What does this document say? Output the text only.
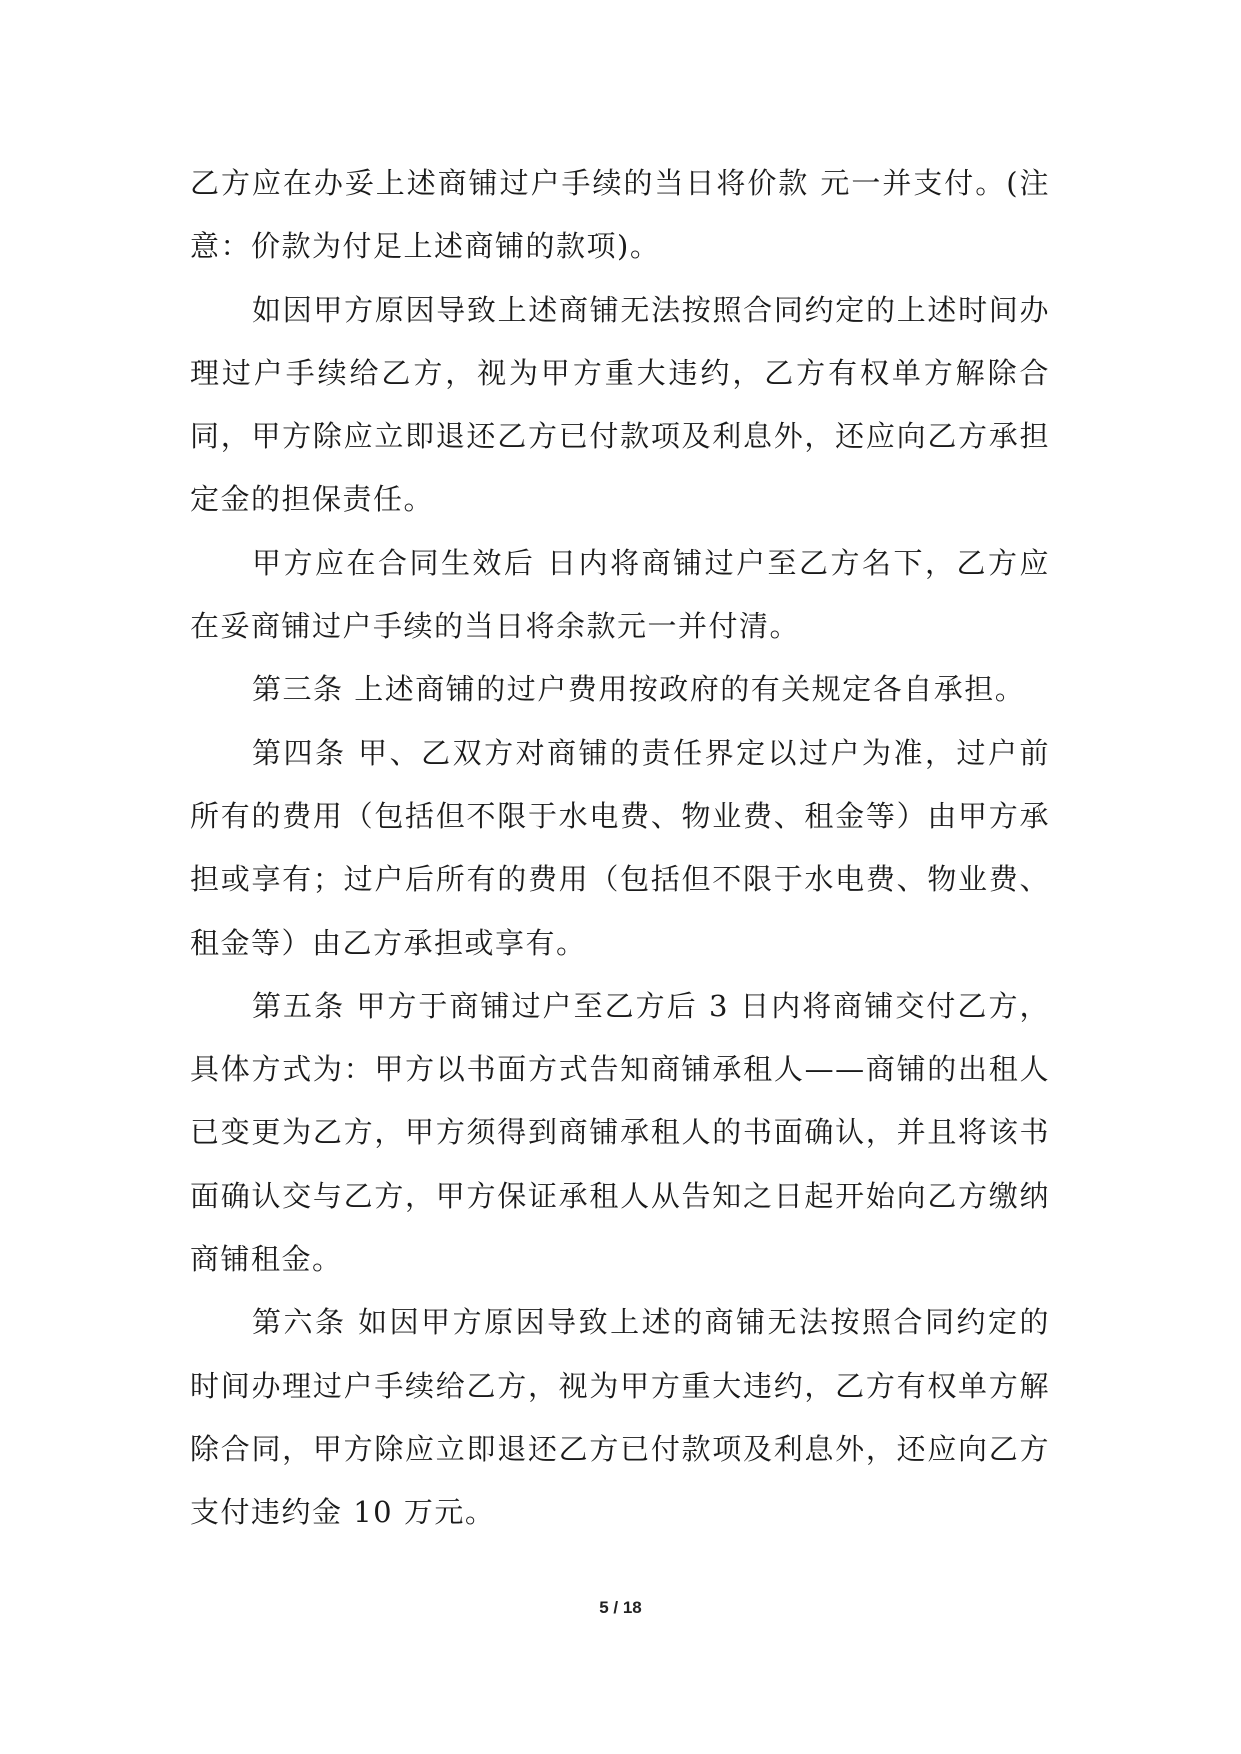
乙方应在办妥上述商铺过户手续的当日将价款 元一并支付。(注意：价款为付足上述商铺的款项)。

如因甲方原因导致上述商铺无法按照合同约定的上述时间办理过户手续给乙方，视为甲方重大违约，乙方有权单方解除合同，甲方除应立即退还乙方已付款项及利息外，还应向乙方承担定金的担保责任。

甲方应在合同生效后 日内将商铺过户至乙方名下，乙方应在妥商铺过户手续的当日将余款元一并付清。

第三条 上述商铺的过户费用按政府的有关规定各自承担。

第四条 甲、乙双方对商铺的责任界定以过户为准，过户前所有的费用（包括但不限于水电费、物业费、租金等）由甲方承担或享有；过户后所有的费用（包括但不限于水电费、物业费、租金等）由乙方承担或享有。

第五条 甲方于商铺过户至乙方后 3 日内将商铺交付乙方，具体方式为：甲方以书面方式告知商铺承租人——商铺的出租人已变更为乙方，甲方须得到商铺承租人的书面确认，并且将该书面确认交与乙方，甲方保证承租人从告知之日起开始向乙方缴纳商铺租金。

第六条 如因甲方原因导致上述的商铺无法按照合同约定的时间办理过户手续给乙方，视为甲方重大违约，乙方有权单方解除合同，甲方除应立即退还乙方已付款项及利息外，还应向乙方支付违约金 10 万元。

5 / 18
